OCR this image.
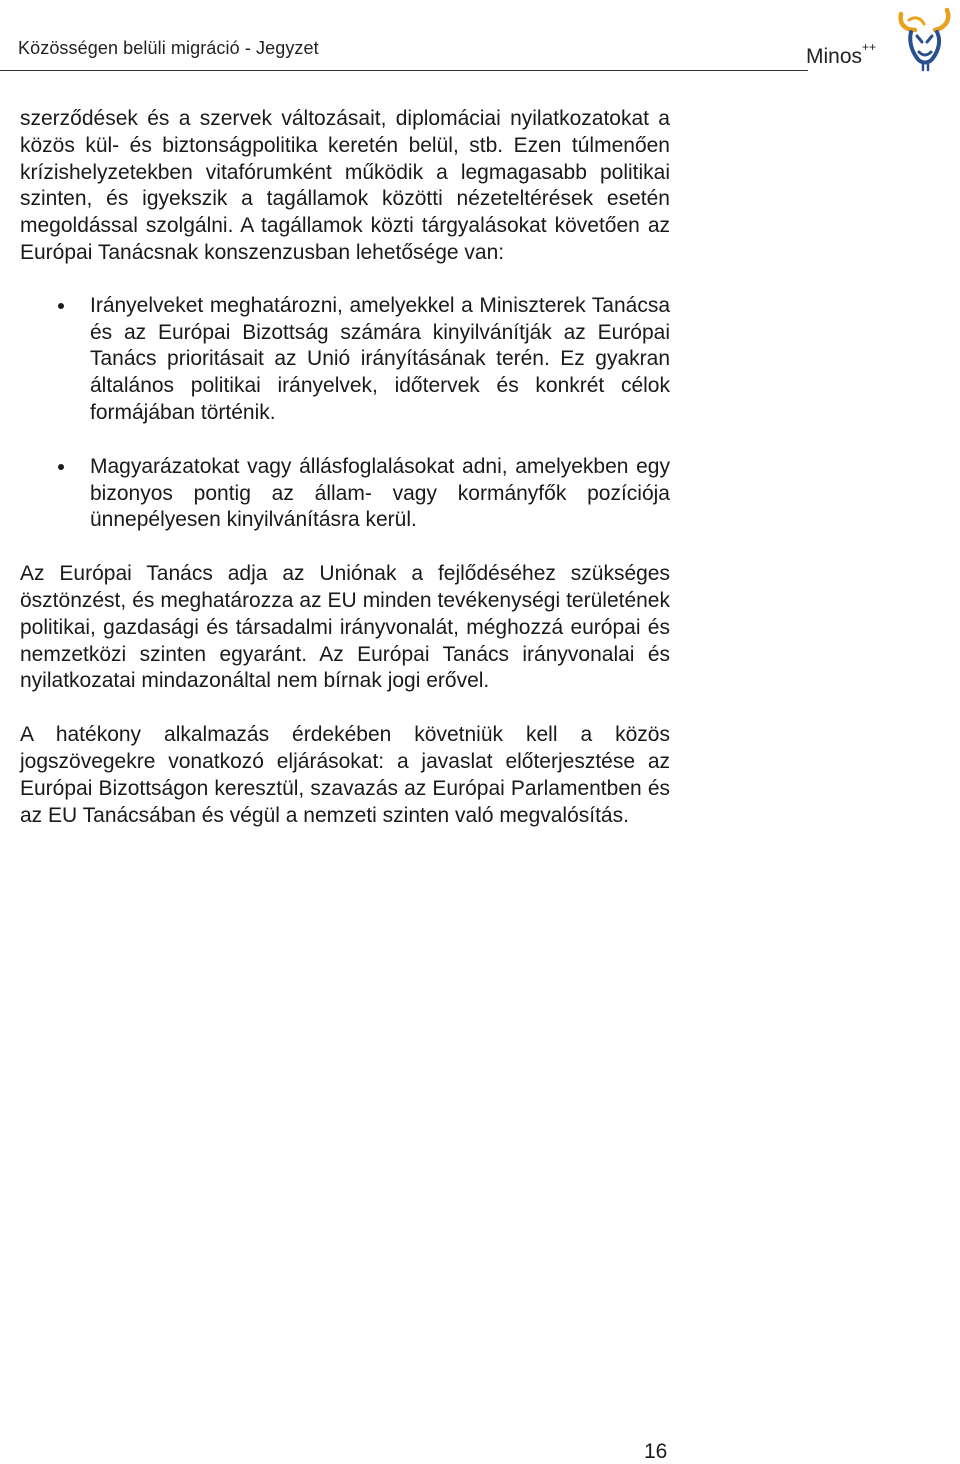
Közösségen belüli migráció - Jegyzet	Minos++

szerződések és a szervek változásait, diplomáciai nyilatkozatokat a közös kül- és biztonságpolitika keretén belül, stb. Ezen túlmenően krízishelyzetekben vitafórumként működik a legmagasabb politikai szinten, és igyekszik a tagállamok közötti nézeteltérések esetén megoldással szolgálni. A tagállamok közti tárgyalásokat követően az Európai Tanácsnak konszenzusban lehetősége van:

Irányelveket meghatározni, amelyekkel a Miniszterek Tanácsa és az Európai Bizottság számára kinyilvánítják az Európai Tanács prioritásait az Unió irányításának terén. Ez gyakran általános politikai irányelvek, időtervek és konkrét célok formájában történik.
Magyarázatokat vagy állásfoglalásokat adni, amelyekben egy bizonyos pontig az állam- vagy kormányfők pozíciója ünnepélyesen kinyilvánításra kerül.

Az Európai Tanács adja az Uniónak a fejlődéséhez szükséges ösztönzést, és meghatározza az EU minden tevékenységi területének politikai, gazdasági és társadalmi irányvonalát, méghozzá európai és nemzetközi szinten egyaránt. Az Európai Tanács irányvonalai és nyilatkozatai mindazonáltal nem bírnak jogi erővel.

A hatékony alkalmazás érdekében követniük kell a közös jogszövegekre vonatkozó eljárásokat: a javaslat előterjesztése az Európai Bizottságon keresztül, szavazás az Európai Parlamentben és az EU Tanácsában és végül a nemzeti szinten való megvalósítás.

16
